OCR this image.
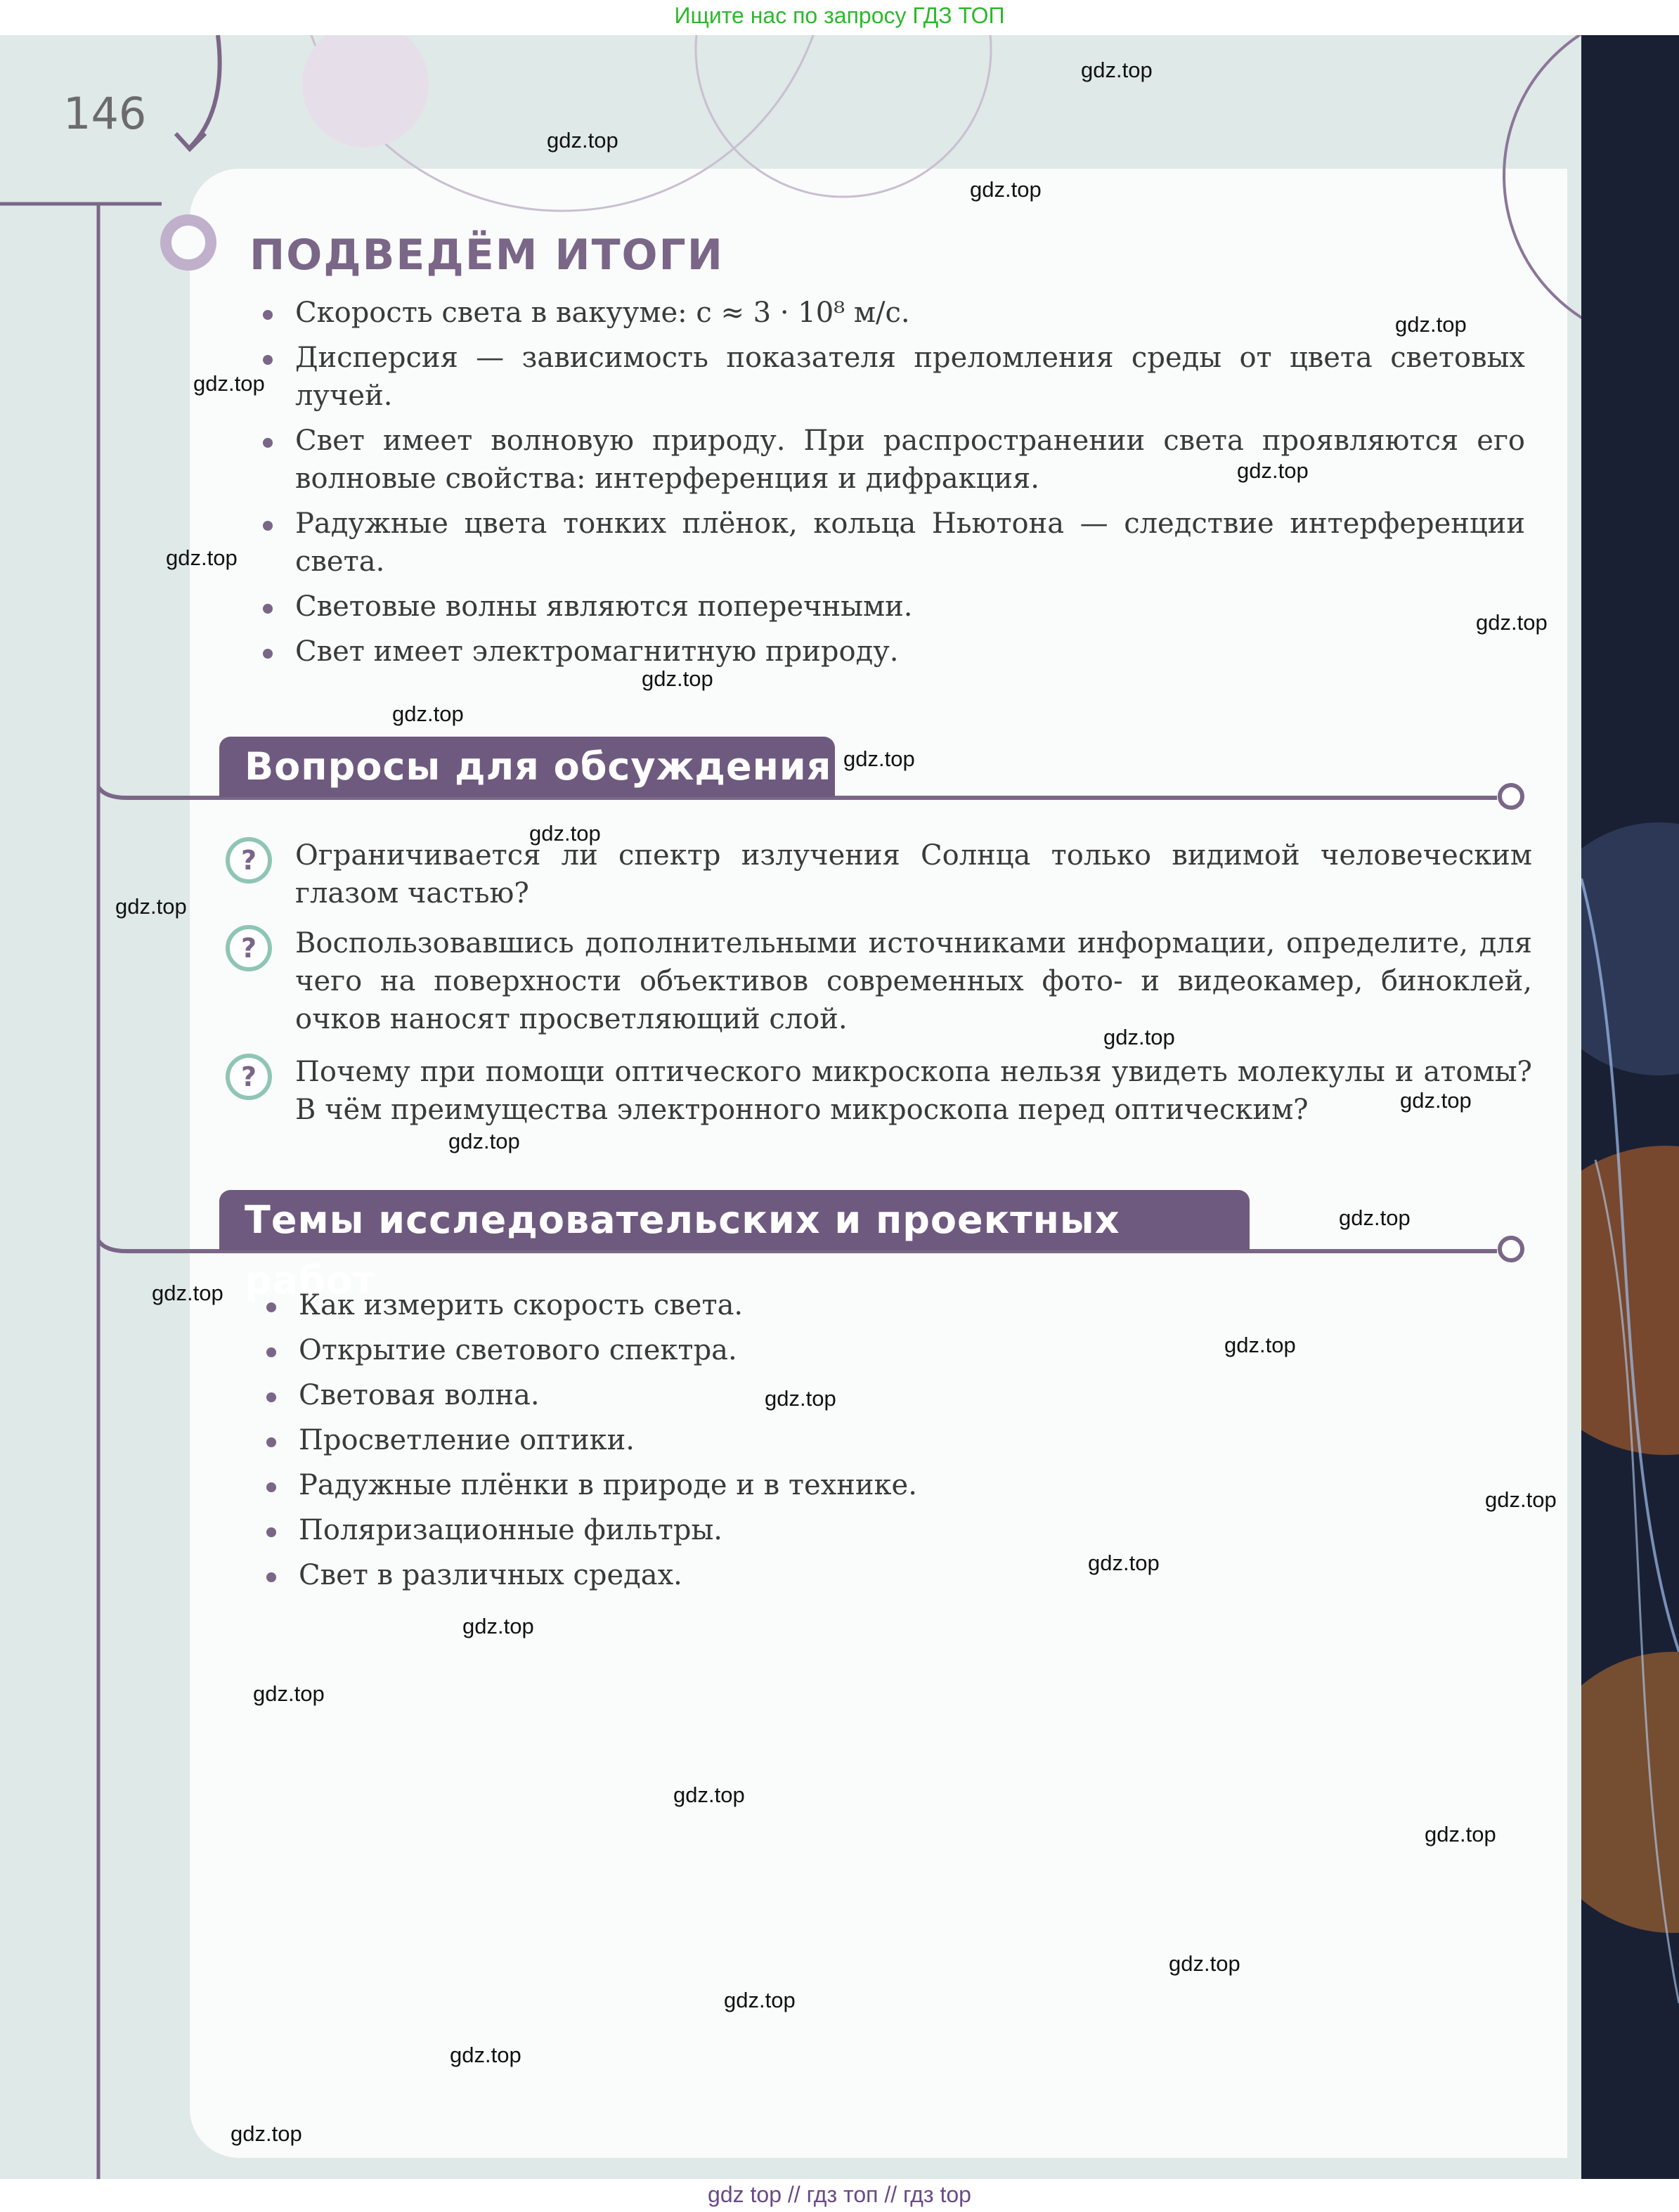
Ищите нас по запросу ГДЗ ТОП
146
ПОДВЕДЁМ ИТОГИ
Скорость света в вакууме: c ≈ 3 · 10⁸ м/с.
Дисперсия — зависимость показателя преломления среды от цвета световых лучей.
Свет имеет волновую природу. При распространении света проявляются его волновые свойства: интерференция и дифракция.
Радужные цвета тонких плёнок, кольца Ньютона — следствие интерференции света.
Световые волны являются поперечными.
Свет имеет электромагнитную природу.
Вопросы для обсуждения
? Ограничивается ли спектр излучения Солнца только видимой человеческим глазом частью?
? Воспользовавшись дополнительными источниками информации, определите, для чего на поверхности объективов современных фото- и видеокамер, биноклей, очков наносят просветляющий слой.
? Почему при помощи оптического микроскопа нельзя увидеть молекулы и атомы? В чём преимущества электронного микроскопа перед оптическим?
Темы исследовательских и проектных работ
Как измерить скорость света.
Открытие светового спектра.
Световая волна.
Просветление оптики.
Радужные плёнки в природе и в технике.
Поляризационные фильтры.
Свет в различных средах.
gdz.top
gdz.top
gdz.top
gdz.top
gdz.top
gdz.top
gdz.top
gdz.top
gdz.top
gdz.top
gdz.top
gdz.top
gdz.top
gdz.top
gdz.top
gdz.top
gdz.top
gdz.top
gdz.top
gdz.top
gdz.top
gdz.top
gdz.top
gdz.top
gdz.top
gdz.top
gdz.top
gdz.top
gdz.top
gdz.top
gdz top // гдз топ // гдз top
